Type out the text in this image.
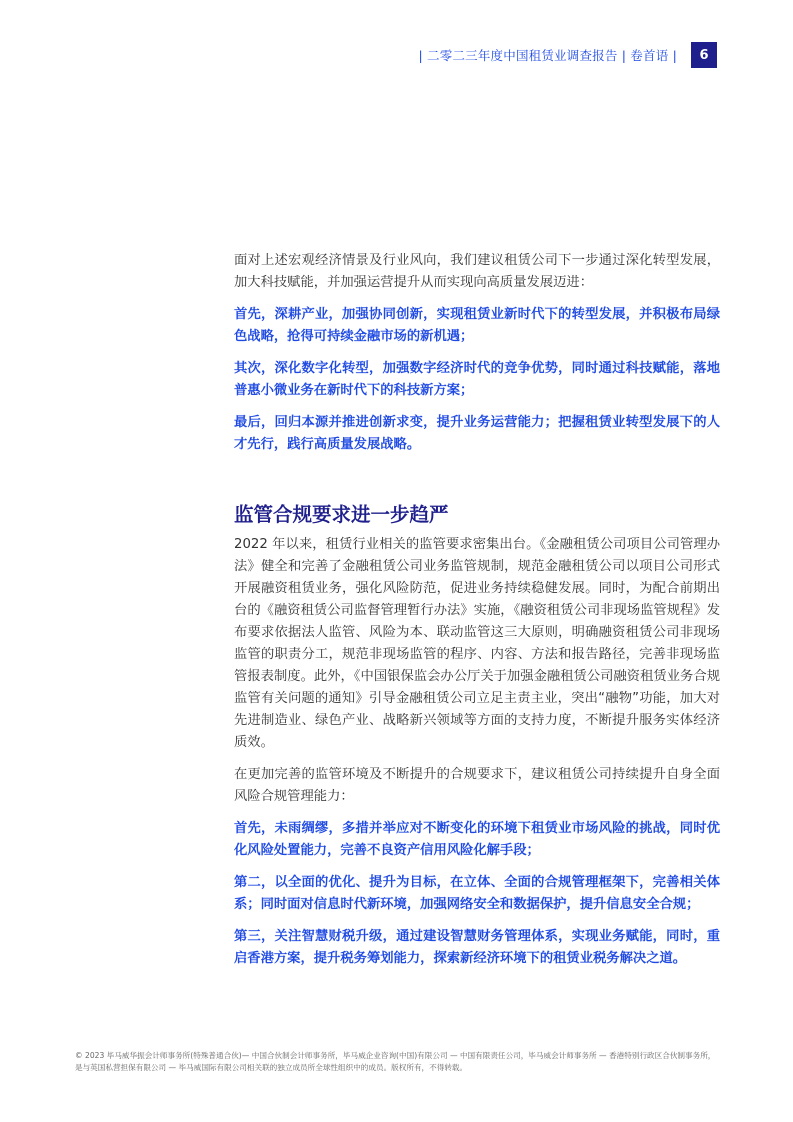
| 二零二三年度中国租赁业调查报告 | 卷首语 |	6

面对上述宏观经济情景及行业风向，我们建议租赁公司下一步通过深化转型发展，加大科技赋能，并加强运营提升从而实现向高质量发展迈进：

首先，深耕产业，加强协同创新，实现租赁业新时代下的转型发展，并积极布局绿色战略，抢得可持续金融市场的新机遇；

其次，深化数字化转型，加强数字经济时代的竞争优势，同时通过科技赋能，落地普惠小微业务在新时代下的科技新方案；

最后，回归本源并推进创新求变，提升业务运营能力；把握租赁业转型发展下的人才先行，践行高质量发展战略。

监管合规要求进一步趋严

2022 年以来，租赁行业相关的监管要求密集出台。《金融租赁公司项目公司管理办法》健全和完善了金融租赁公司业务监管规制，规范金融租赁公司以项目公司形式开展融资租赁业务，强化风险防范，促进业务持续稳健发展。同时，为配合前期出台的《融资租赁公司监督管理暂行办法》实施，《融资租赁公司非现场监管规程》发布要求依据法人监管、风险为本、联动监管这三大原则，明确融资租赁公司非现场监管的职责分工，规范非现场监管的程序、内容、方法和报告路径，完善非现场监管报表制度。此外，《中国银保监会办公厅关于加强金融租赁公司融资租赁业务合规监管有关问题的通知》引导金融租赁公司立足主责主业，突出“融物”功能，加大对先进制造业、绿色产业、战略新兴领域等方面的支持力度，不断提升服务实体经济质效。

在更加完善的监管环境及不断提升的合规要求下，建议租赁公司持续提升自身全面风险合规管理能力：

首先，未雨绸缪，多措并举应对不断变化的环境下租赁业市场风险的挑战，同时优化风险处置能力，完善不良资产信用风险化解手段；

第二，以全面的优化、提升为目标，在立体、全面的合规管理框架下，完善相关体系；同时面对信息时代新环境，加强网络安全和数据保护，提升信息安全合规；

第三，关注智慧财税升级，通过建设智慧财务管理体系，实现业务赋能，同时，重启香港方案，提升税务筹划能力，探索新经济环境下的租赁业税务解决之道。

© 2023 毕马威华振会计师事务所(特殊普通合伙)— 中国合伙制会计师事务所，毕马威企业咨询(中国)有限公司 — 中国有限责任公司，毕马威会计师事务所 — 香港特别行政区合伙制事务所，是与英国私营担保有限公司 — 毕马威国际有限公司相关联的独立成员所全球性组织中的成员。版权所有，不得转载。
